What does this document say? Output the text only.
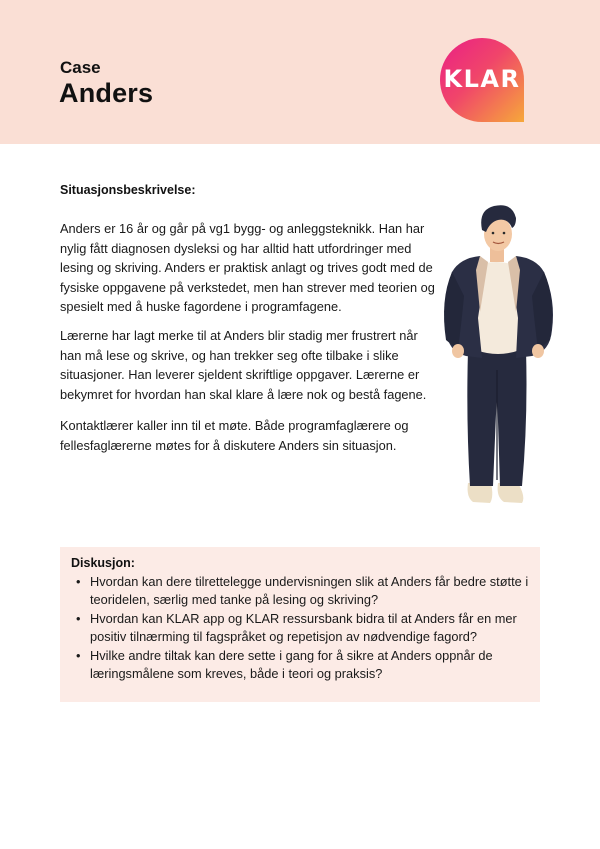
Case
Anders	KLAR
Situasjonsbeskrivelse:

Anders er 16 år og går på vg1 bygg- og anleggsteknikk. Han har nylig fått diagnosen dysleksi og har alltid hatt utfordringer med lesing og skriving. Anders er praktisk anlagt og trives godt med de fysiske oppgavene på verkstedet, men han strever med teorien og spesielt med å huske fagordene i programfagene.

Lærerne har lagt merke til at Anders blir stadig mer frustrert når han må lese og skrive, og han trekker seg ofte tilbake i slike situasjoner. Han leverer sjeldent skriftlige oppgaver. Lærerne er bekymret for hvordan han skal klare å lære nok og bestå fagene.

Kontaktlærer kaller inn til et møte. Både programfaglærere og fellesfaglærerne møtes for å diskutere Anders sin situasjon.

Diskusjon:
• Hvordan kan dere tilrettelegge undervisningen slik at Anders får bedre støtte i teoridelen, særlig med tanke på lesing og skriving?
• Hvordan kan KLAR app og KLAR ressursbank bidra til at Anders får en mer positiv tilnærming til fagspråket og repetisjon av nødvendige fagord?
• Hvilke andre tiltak kan dere sette i gang for å sikre at Anders oppnår de læringsmålene som kreves, både i teori og praksis?
